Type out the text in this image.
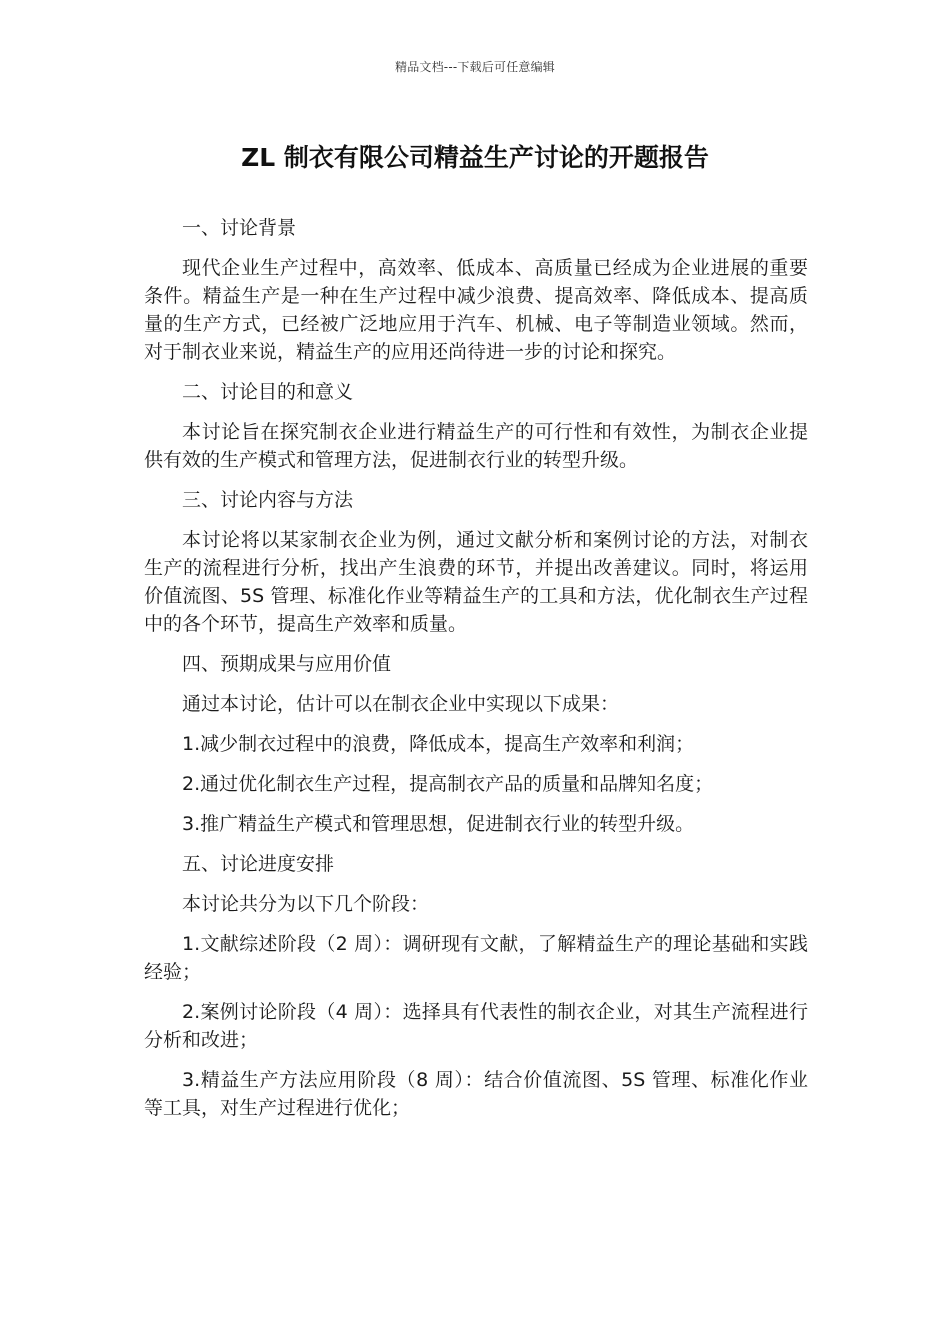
精品文档---下载后可任意编辑
ZL 制衣有限公司精益生产讨论的开题报告

一、讨论背景

现代企业生产过程中，高效率、低成本、高质量已经成为企业进展的重要条件。精益生产是一种在生产过程中减少浪费、提高效率、降低成本、提高质量的生产方式，已经被广泛地应用于汽车、机械、电子等制造业领域。然而，对于制衣业来说，精益生产的应用还尚待进一步的讨论和探究。

二、讨论目的和意义

本讨论旨在探究制衣企业进行精益生产的可行性和有效性，为制衣企业提供有效的生产模式和管理方法，促进制衣行业的转型升级。

三、讨论内容与方法

本讨论将以某家制衣企业为例，通过文献分析和案例讨论的方法，对制衣生产的流程进行分析，找出产生浪费的环节，并提出改善建议。同时，将运用价值流图、5S 管理、标准化作业等精益生产的工具和方法，优化制衣生产过程中的各个环节，提高生产效率和质量。

四、预期成果与应用价值

通过本讨论，估计可以在制衣企业中实现以下成果：

1.减少制衣过程中的浪费，降低成本，提高生产效率和利润；

2.通过优化制衣生产过程，提高制衣产品的质量和品牌知名度；

3.推广精益生产模式和管理思想，促进制衣行业的转型升级。

五、讨论进度安排

本讨论共分为以下几个阶段：

1.文献综述阶段（2 周）：调研现有文献，了解精益生产的理论基础和实践经验；

2.案例讨论阶段（4 周）：选择具有代表性的制衣企业，对其生产流程进行分析和改进；

3.精益生产方法应用阶段（8 周）：结合价值流图、5S 管理、标准化作业等工具，对生产过程进行优化；
